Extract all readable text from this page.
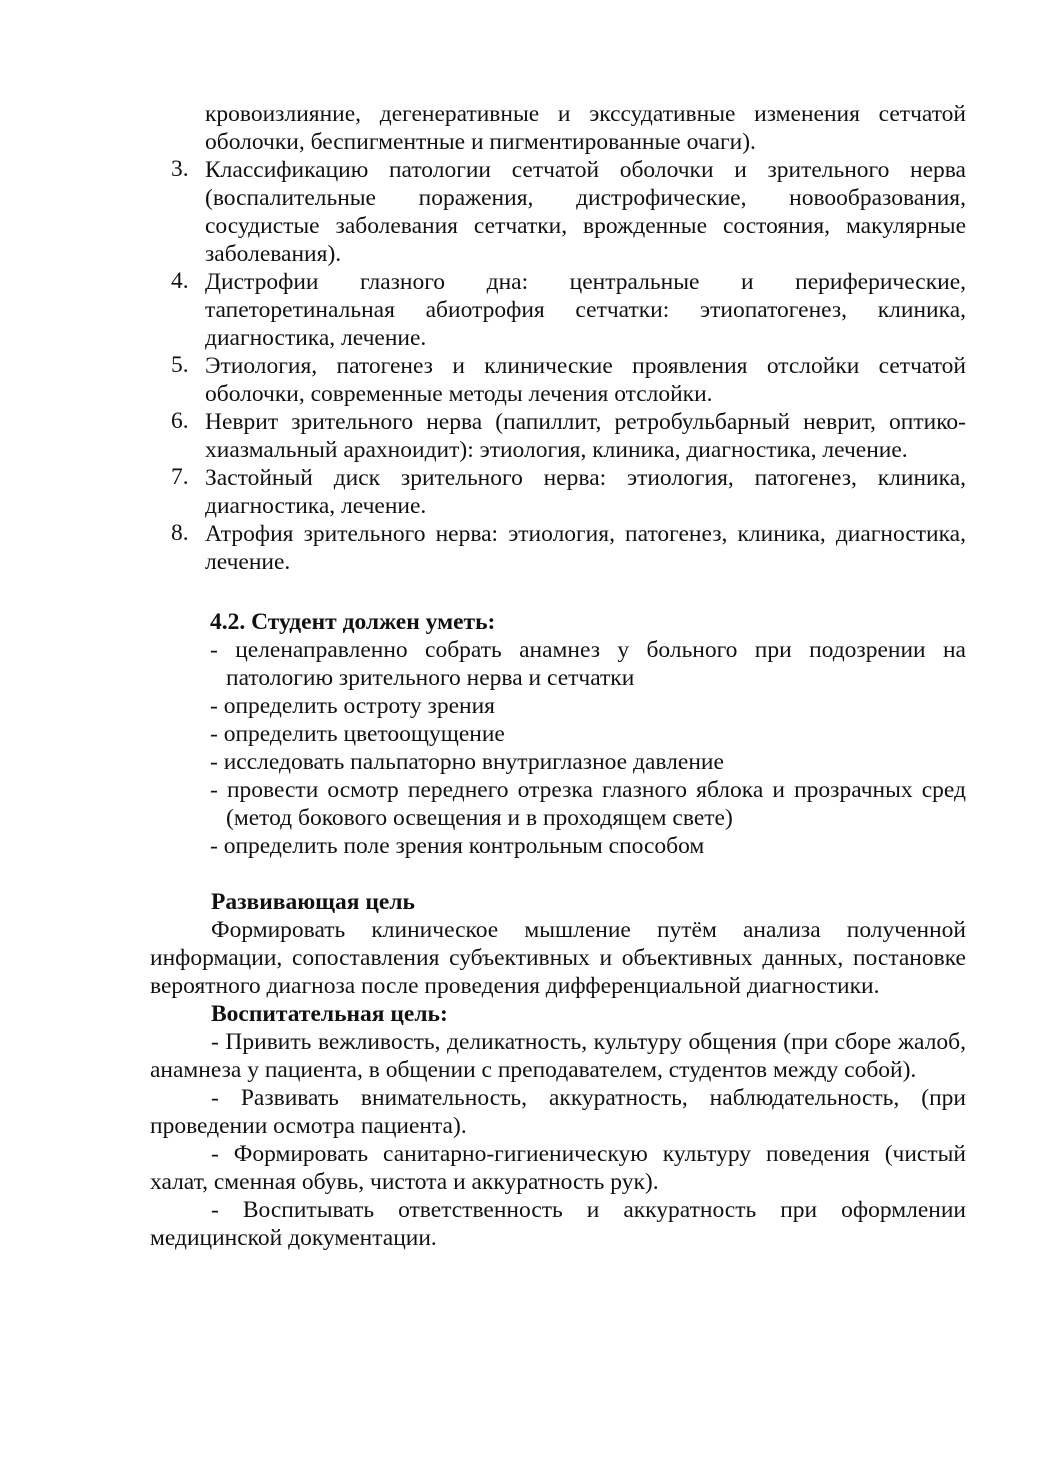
кровоизлияние, дегенеративные и экссудативные изменения сетчатой оболочки, беспигментные и пигментированные очаги).

3. Классификацию патологии сетчатой оболочки и зрительного нерва (воспалительные поражения, дистрофические, новообразования, сосудистые заболевания сетчатки, врожденные состояния, макулярные заболевания).

4. Дистрофии глазного дна: центральные и периферические, тапеторетинальная абиотрофия сетчатки: этиопатогенез, клиника, диагностика, лечение.

5. Этиология, патогенез и клинические проявления отслойки сетчатой оболочки, современные методы лечения отслойки.

6. Неврит зрительного нерва (папиллит, ретробульбарный неврит, оптико-хиазмальный арахноидит): этиология, клиника, диагностика, лечение.

7. Застойный диск зрительного нерва: этиология, патогенез, клиника, диагностика, лечение.

8. Атрофия зрительного нерва: этиология, патогенез, клиника, диагностика, лечение.

4.2. Студент должен уметь:

- целенаправленно собрать анамнез у больного при подозрении на патологию зрительного нерва и сетчатки

- определить остроту зрения

- определить цветоощущение

- исследовать пальпаторно внутриглазное давление

- провести осмотр переднего отрезка глазного яблока и прозрачных сред (метод бокового освещения и в проходящем свете)

- определить поле зрения контрольным способом

Развивающая цель

Формировать клиническое мышление путём анализа полученной информации, сопоставления субъективных и объективных данных, постановке вероятного диагноза после проведения дифференциальной диагностики.

Воспитательная цель:

- Привить вежливость, деликатность, культуру общения (при сборе жалоб, анамнеза у пациента, в общении с преподавателем, студентов между собой).

- Развивать внимательность, аккуратность, наблюдательность, (при проведении осмотра пациента).

- Формировать санитарно-гигиеническую культуру поведения (чистый халат, сменная обувь, чистота и аккуратность рук).

- Воспитывать ответственность и аккуратность при оформлении медицинской документации.
